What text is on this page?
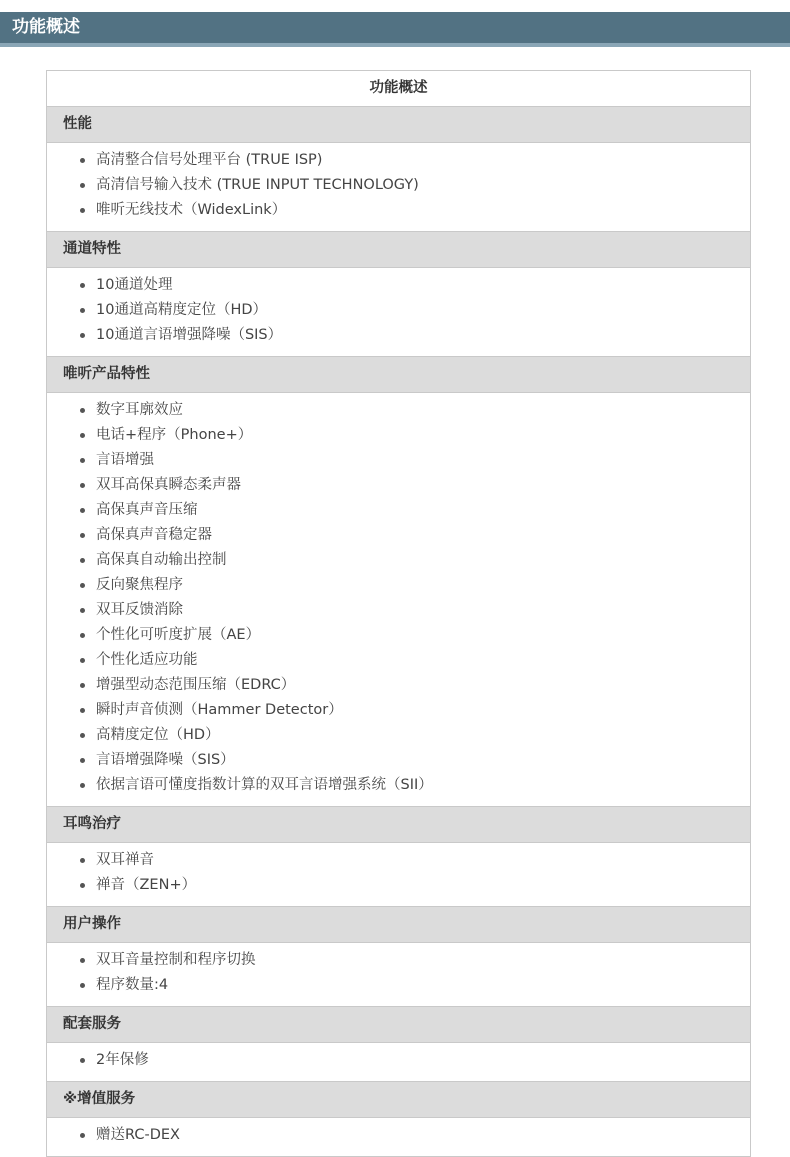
功能概述
功能概述
性能
高清整合信号处理平台 (TRUE ISP)
高清信号输入技术 (TRUE INPUT TECHNOLOGY)
唯听无线技术（WidexLink）
通道特性
10通道处理
10通道高精度定位（HD）
10通道言语增强降噪（SIS）
唯听产品特性
数字耳廓效应
电话+程序（Phone+）
言语增强
双耳高保真瞬态柔声器
高保真声音压缩
高保真声音稳定器
高保真自动输出控制
反向聚焦程序
双耳反馈消除
个性化可听度扩展（AE）
个性化适应功能
增强型动态范围压缩（EDRC）
瞬时声音侦测（Hammer Detector）
高精度定位（HD）
言语增强降噪（SIS）
依据言语可懂度指数计算的双耳言语增强系统（SII）
耳鸣治疗
双耳禅音
禅音（ZEN+）
用户操作
双耳音量控制和程序切换
程序数量:4
配套服务
2年保修
※增值服务
赠送RC-DEX
